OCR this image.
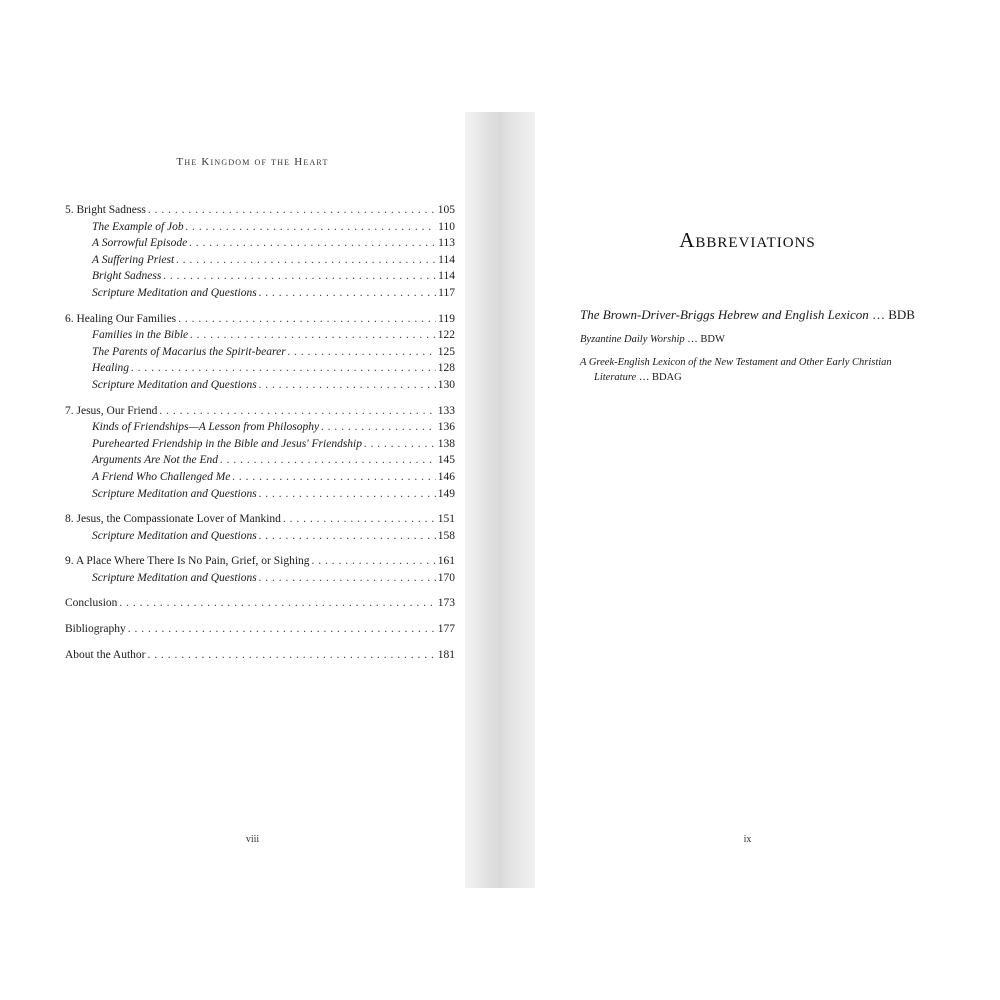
The Kingdom of the Heart
5. Bright Sadness . . .	105
The Example of Job . . .	110
A Sorrowful Episode . . .	113
A Suffering Priest . . .	114
Bright Sadness . . .	114
Scripture Meditation and Questions . . .	117
6. Healing Our Families . . .	119
Families in the Bible . . .	122
The Parents of Macarius the Spirit-bearer . . .	125
Healing . . .	128
Scripture Meditation and Questions . . .	130
7. Jesus, Our Friend . . .	133
Kinds of Friendships—A Lesson from Philosophy . . .	136
Purehearted Friendship in the Bible and Jesus' Friendship . . .	138
Arguments Are Not the End . . .	145
A Friend Who Challenged Me . . .	146
Scripture Meditation and Questions . . .	149
8. Jesus, the Compassionate Lover of Mankind . . .	151
Scripture Meditation and Questions . . .	158
9. A Place Where There Is No Pain, Grief, or Sighing . . .	161
Scripture Meditation and Questions . . .	170
Conclusion . . .	173
Bibliography . . .	177
About the Author . . .	181
viii
Abbreviations
The Brown-Driver-Briggs Hebrew and English Lexicon … BDB
Byzantine Daily Worship … BDW
A Greek-English Lexicon of the New Testament and Other Early Christian Literature … BDAG
ix
